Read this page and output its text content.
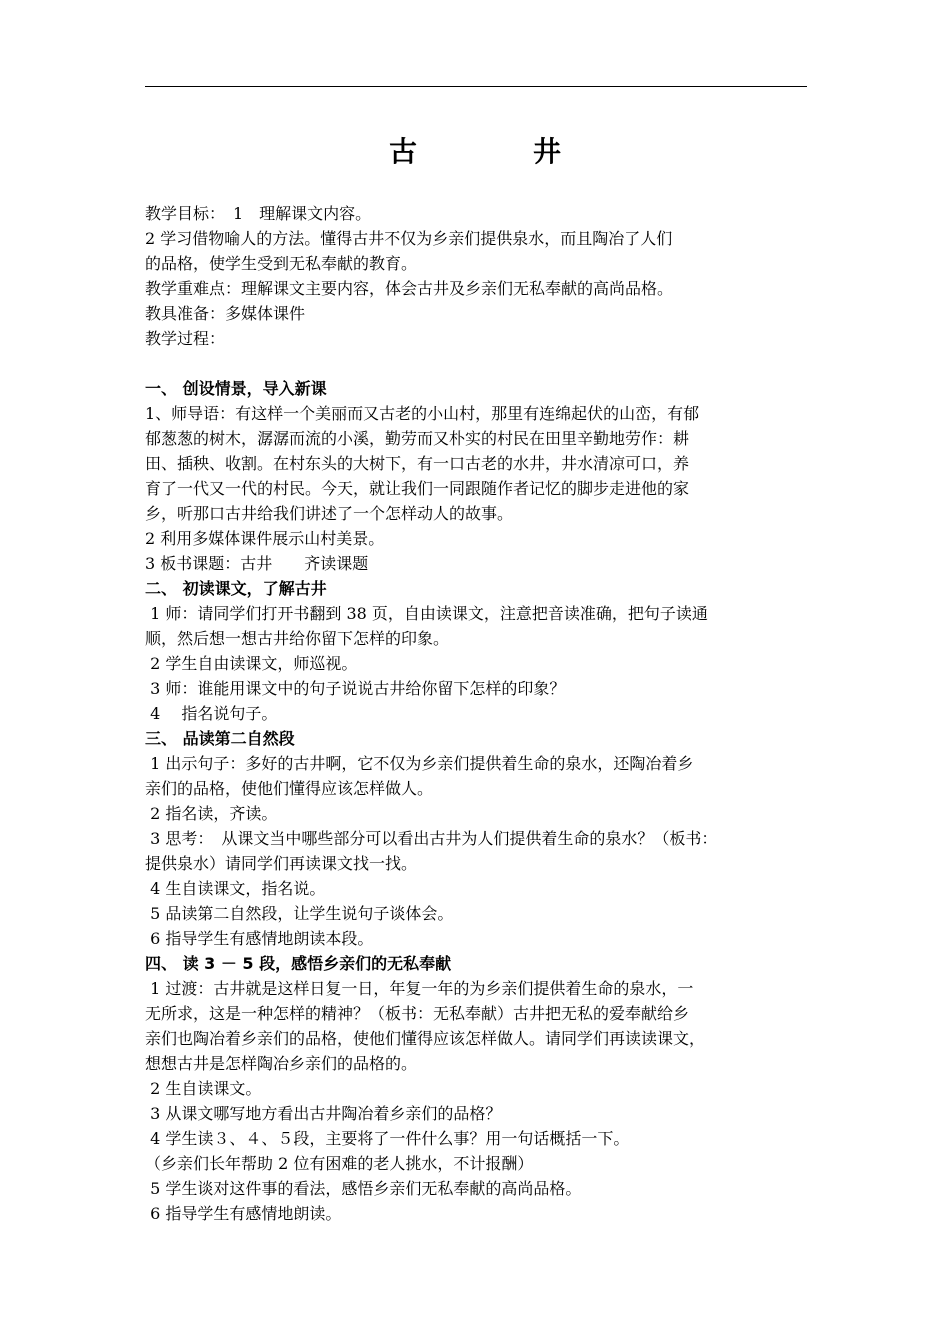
古　井
教学目标：　1　理解课文内容。
2 学习借物喻人的方法。懂得古井不仅为乡亲们提供泉水，而且陶冶了人们
的品格，使学生受到无私奉献的教育。
教学重难点：理解课文主要内容，体会古井及乡亲们无私奉献的高尚品格。
教具准备：多媒体课件
教学过程：
一、 创设情景，导入新课
1、师导语：有这样一个美丽而又古老的小山村，那里有连绵起伏的山峦，有郁
郁葱葱的树木，潺潺而流的小溪，勤劳而又朴实的村民在田里辛勤地劳作：耕
田、插秧、收割。在村东头的大树下，有一口古老的水井，井水清凉可口，养
育了一代又一代的村民。今天，就让我们一同跟随作者记忆的脚步走进他的家
乡，听那口古井给我们讲述了一个怎样动人的故事。
2 利用多媒体课件展示山村美景。
3 板书课题：古井　　齐读课题
二、 初读课文，了解古井
1 师：请同学们打开书翻到 38 页，自由读课文，注意把音读准确，把句子读通
顺，然后想一想古井给你留下怎样的印象。
2 学生自由读课文，师巡视。
3 师：谁能用课文中的句子说说古井给你留下怎样的印象？
4　 指名说句子。
三、 品读第二自然段
1 出示句子：多好的古井啊，它不仅为乡亲们提供着生命的泉水，还陶冶着乡
亲们的品格，使他们懂得应该怎样做人。
2 指名读，齐读。
3 思考：　从课文当中哪些部分可以看出古井为人们提供着生命的泉水？（板书：
提供泉水）请同学们再读课文找一找。
4 生自读课文，指名说。
5 品读第二自然段，让学生说句子谈体会。
6 指导学生有感情地朗读本段。
四、 读 3 － 5 段，感悟乡亲们的无私奉献
1 过渡：古井就是这样日复一日，年复一年的为乡亲们提供着生命的泉水，一
无所求，这是一种怎样的精神？（板书：无私奉献）古井把无私的爱奉献给乡
亲们也陶冶着乡亲们的品格，使他们懂得应该怎样做人。请同学们再读读课文，
想想古井是怎样陶冶乡亲们的品格的。
2 生自读课文。
3 从课文哪写地方看出古井陶冶着乡亲们的品格？
4 学生读３、４、５段，主要将了一件什么事？用一句话概括一下。
（乡亲们长年帮助 2 位有困难的老人挑水，不计报酬）
5 学生谈对这件事的看法，感悟乡亲们无私奉献的高尚品格。
6 指导学生有感情地朗读。
